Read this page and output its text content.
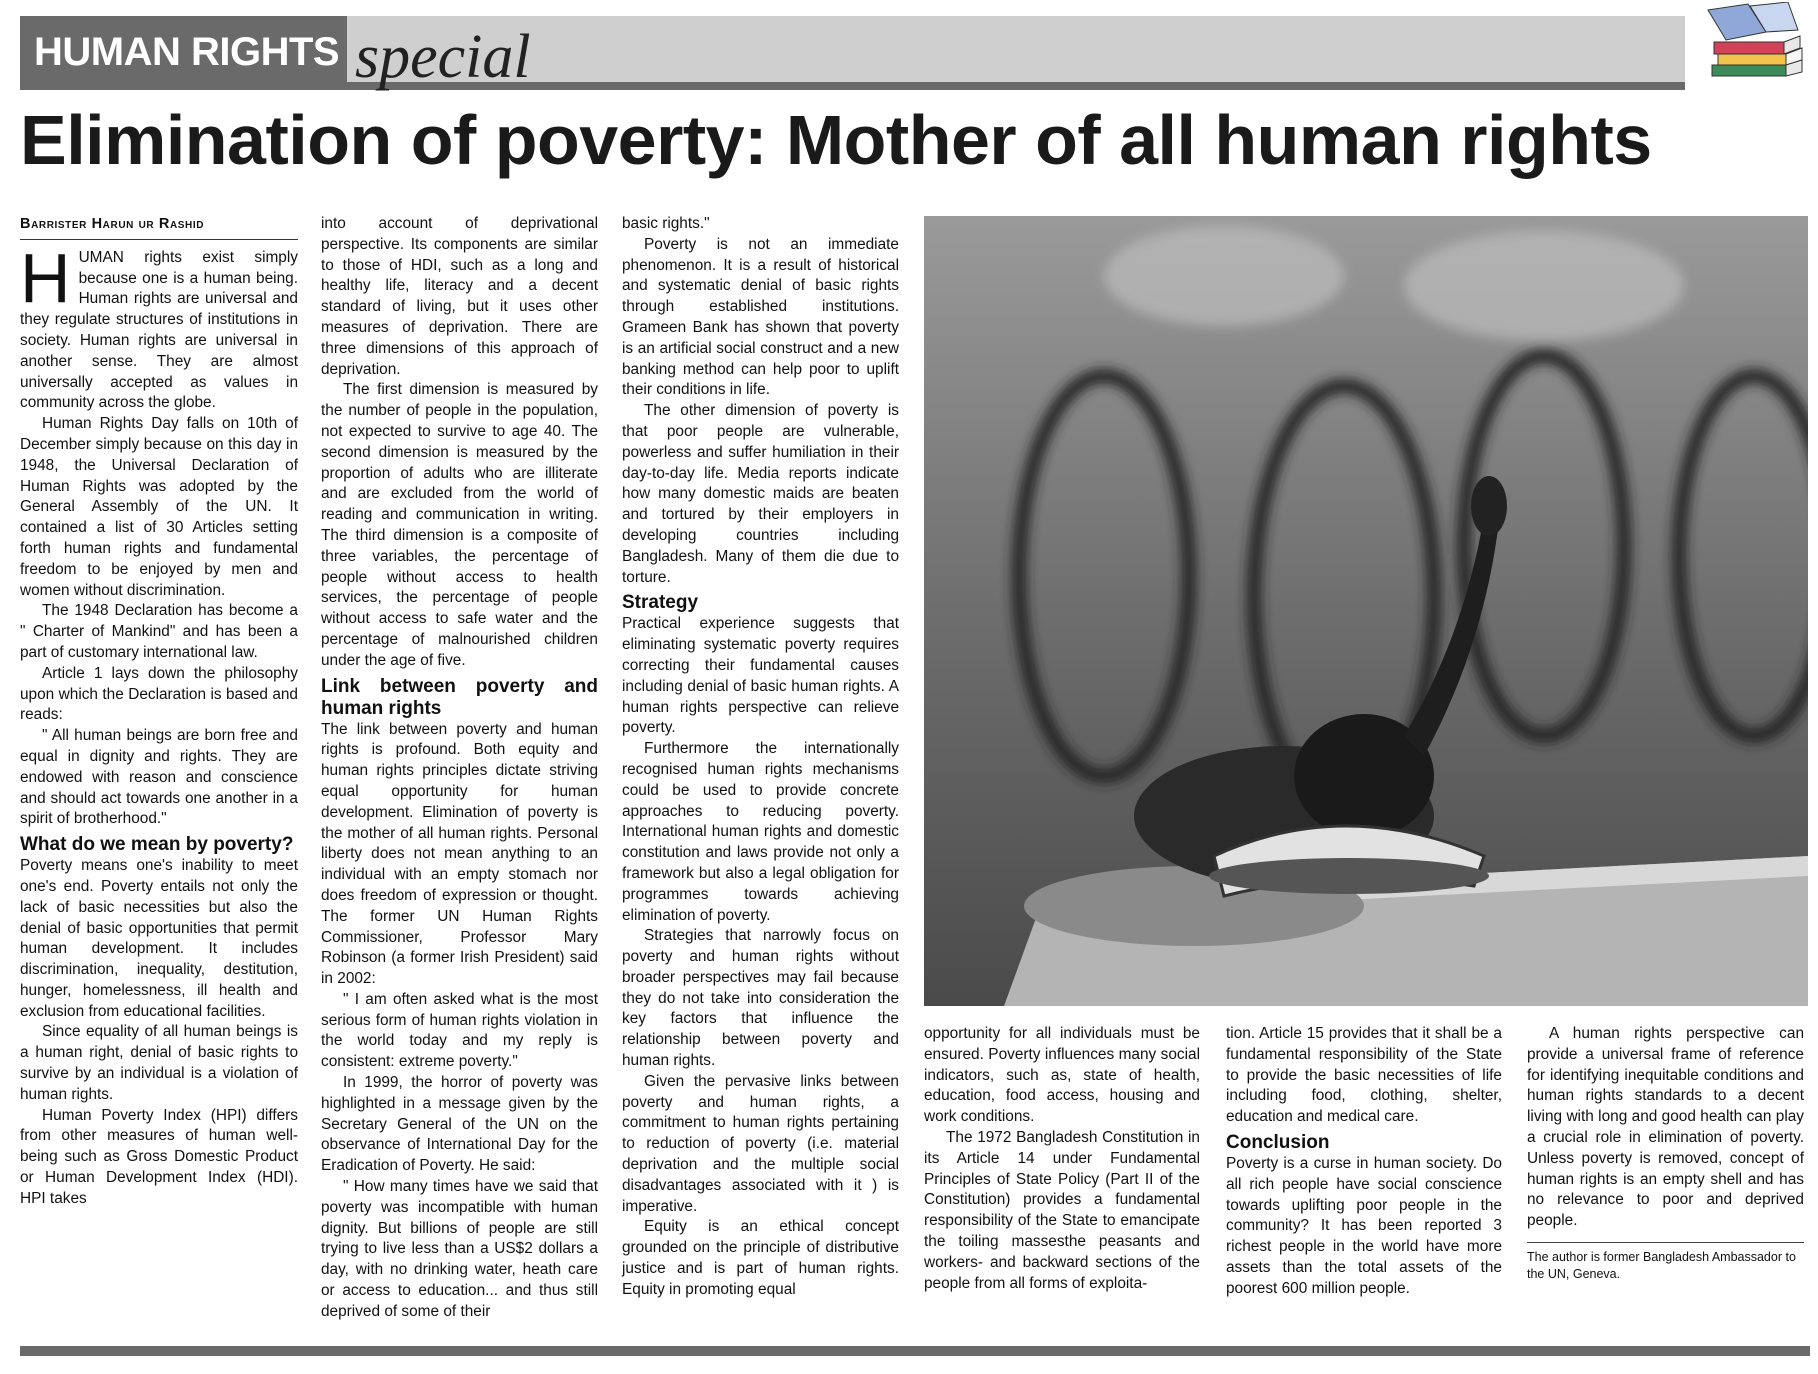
HUMAN RIGHTS special
Elimination of poverty: Mother of all human rights
Barrister Harun ur Rashid

HUMAN rights exist simply because one is a human being. Human rights are universal and they regulate structures of institutions in society. Human rights are universal in another sense. They are almost universally accepted as values in community across the globe.

Human Rights Day falls on 10th of December simply because on this day in 1948, the Universal Declaration of Human Rights was adopted by the General Assembly of the UN. It contained a list of 30 Articles setting forth human rights and fundamental freedom to be enjoyed by men and women without discrimination.

The 1948 Declaration has become a " Charter of Mankind" and has been a part of customary international law.

Article 1 lays down the philosophy upon which the Declaration is based and reads:

" All human beings are born free and equal in dignity and rights. They are endowed with reason and conscience and should act towards one another in a spirit of brotherhood."

What do we mean by poverty?

Poverty means one's inability to meet one's end. Poverty entails not only the lack of basic necessities but also the denial of basic opportunities that permit human development. It includes discrimination, inequality, destitution, hunger, homelessness, ill health and exclusion from educational facilities.

Since equality of all human beings is a human right, denial of basic rights to survive by an individual is a violation of human rights.

Human Poverty Index (HPI) differs from other measures of human well-being such as Gross Domestic Product or Human Development Index (HDI). HPI takes

into account of deprivational perspective. Its components are similar to those of HDI, such as a long and healthy life, literacy and a decent standard of living, but it uses other measures of deprivation. There are three dimensions of this approach of deprivation.

The first dimension is measured by the number of people in the population, not expected to survive to age 40. The second dimension is measured by the proportion of adults who are illiterate and are excluded from the world of reading and communication in writing. The third dimension is a composite of three variables, the percentage of people without access to health services, the percentage of people without access to safe water and the percentage of malnourished children under the age of five.

Link between poverty and human rights

The link between poverty and human rights is profound. Both equity and human rights principles dictate striving equal opportunity for human development. Elimination of poverty is the mother of all human rights. Personal liberty does not mean anything to an individual with an empty stomach nor does freedom of expression or thought. The former UN Human Rights Commissioner, Professor Mary Robinson (a former Irish President) said in 2002:

" I am often asked what is the most serious form of human rights violation in the world today and my reply is consistent: extreme poverty."

In 1999, the horror of poverty was highlighted in a message given by the Secretary General of the UN on the observance of International Day for the Eradication of Poverty. He said:

" How many times have we said that poverty was incompatible with human dignity. But billions of people are still trying to live less than a US$2 dollars a day, with no drinking water, heath care or access to education... and thus still deprived of some of their

basic rights."

Poverty is not an immediate phenomenon. It is a result of historical and systematic denial of basic rights through established institutions. Grameen Bank has shown that poverty is an artificial social construct and a new banking method can help poor to uplift their conditions in life.

The other dimension of poverty is that poor people are vulnerable, powerless and suffer humiliation in their day-to-day life. Media reports indicate how many domestic maids are beaten and tortured by their employers in developing countries including Bangladesh. Many of them die due to torture.

Strategy

Practical experience suggests that eliminating systematic poverty requires correcting their fundamental causes including denial of basic human rights. A human rights perspective can relieve poverty.

Furthermore the internationally recognised human rights mechanisms could be used to provide concrete approaches to reducing poverty. International human rights and domestic constitution and laws provide not only a framework but also a legal obligation for programmes towards achieving elimination of poverty.

Strategies that narrowly focus on poverty and human rights without broader perspectives may fail because they do not take into consideration the key factors that influence the relationship between poverty and human rights.

Given the pervasive links between poverty and human rights, a commitment to human rights pertaining to reduction of poverty (i.e. material deprivation and the multiple social disadvantages associated with it ) is imperative.

Equity is an ethical concept grounded on the principle of distributive justice and is part of human rights. Equity in promoting equal

opportunity for all individuals must be ensured. Poverty influences many social indicators, such as, state of health, education, food access, housing and work conditions.

The 1972 Bangladesh Constitution in its Article 14 under Fundamental Principles of State Policy (Part II of the Constitution) provides a fundamental responsibility of the State to emancipate the toiling massesthe peasants and workers- and backward sections of the people from all forms of exploita-

tion. Article 15 provides that it shall be a fundamental responsibility of the State to provide the basic necessities of life including food, clothing, shelter, education and medical care.

Conclusion

Poverty is a curse in human society. Do all rich people have social conscience towards uplifting poor people in the community? It has been reported 3 richest people in the world have more assets than the total assets of the poorest 600 million people.

A human rights perspective can provide a universal frame of reference for identifying inequitable conditions and human rights standards to a decent living with long and good health can play a crucial role in elimination of poverty. Unless poverty is removed, concept of human rights is an empty shell and has no relevance to poor and deprived people.

The author is former Bangladesh Ambassador to the UN, Geneva.
